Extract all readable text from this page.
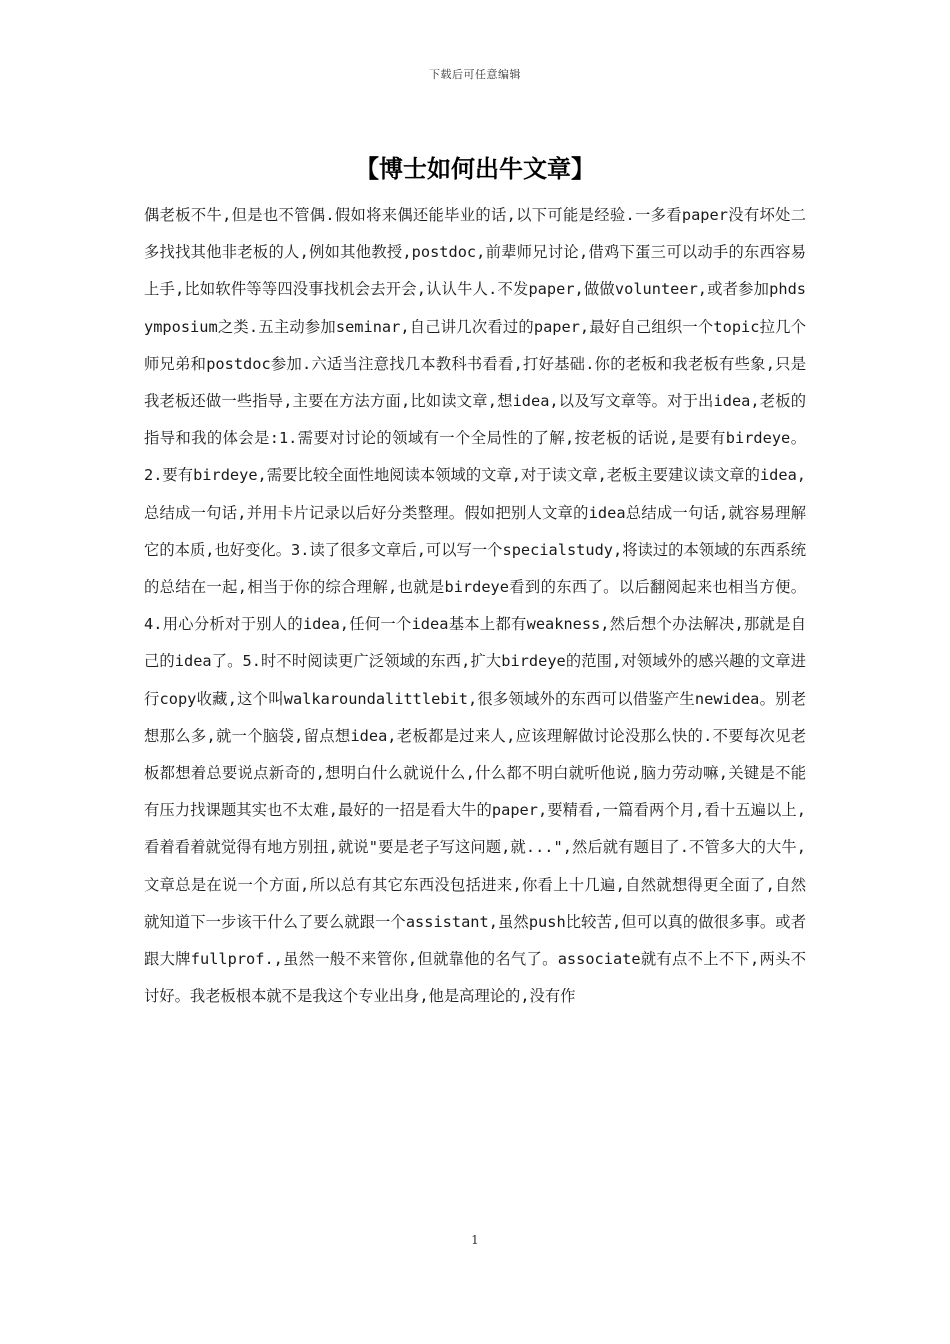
下载后可任意编辑
【博士如何出牛文章】

偶老板不牛,但是也不管偶.假如将来偶还能毕业的话,以下可能是经验.一多看paper没有坏处二多找找其他非老板的人,例如其他教授,postdoc,前辈师兄讨论,借鸡下蛋三可以动手的东西容易上手,比如软件等等四没事找机会去开会,认认牛人.不发paper,做做volunteer,或者参加phdsymposium之类.五主动参加seminar,自己讲几次看过的paper,最好自己组织一个topic拉几个师兄弟和postdoc参加.六适当注意找几本教科书看看,打好基础.你的老板和我老板有些象,只是我老板还做一些指导,主要在方法方面,比如读文章,想idea,以及写文章等。对于出idea,老板的指导和我的体会是:1.需要对讨论的领域有一个全局性的了解,按老板的话说,是要有birdeye。2.要有birdeye,需要比较全面性地阅读本领域的文章,对于读文章,老板主要建议读文章的idea,总结成一句话,并用卡片记录以后好分类整理。假如把别人文章的idea总结成一句话,就容易理解它的本质,也好变化。3.读了很多文章后,可以写一个specialstudy,将读过的本领域的东西系统的总结在一起,相当于你的综合理解,也就是birdeye看到的东西了。以后翻阅起来也相当方便。4.用心分析对于别人的idea,任何一个idea基本上都有weakness,然后想个办法解决,那就是自己的idea了。5.时不时阅读更广泛领域的东西,扩大birdeye的范围,对领域外的感兴趣的文章进行copy收藏,这个叫walkaroundalittlebit,很多领域外的东西可以借鉴产生newidea。别老想那么多,就一个脑袋,留点想idea,老板都是过来人,应该理解做讨论没那么快的.不要每次见老板都想着总要说点新奇的,想明白什么就说什么,什么都不明白就听他说,脑力劳动嘛,关键是不能有压力找课题其实也不太难,最好的一招是看大牛的paper,要精看,一篇看两个月,看十五遍以上,看着看着就觉得有地方别扭,就说"要是老子写这问题,就...",然后就有题目了.不管多大的大牛,文章总是在说一个方面,所以总有其它东西没包括进来,你看上十几遍,自然就想得更全面了,自然就知道下一步该干什么了要么就跟一个assistant,虽然push比较苦,但可以真的做很多事。或者跟大牌fullprof.,虽然一般不来管你,但就靠他的名气了。associate就有点不上不下,两头不讨好。我老板根本就不是我这个专业出身,他是高理论的,没有作

1
